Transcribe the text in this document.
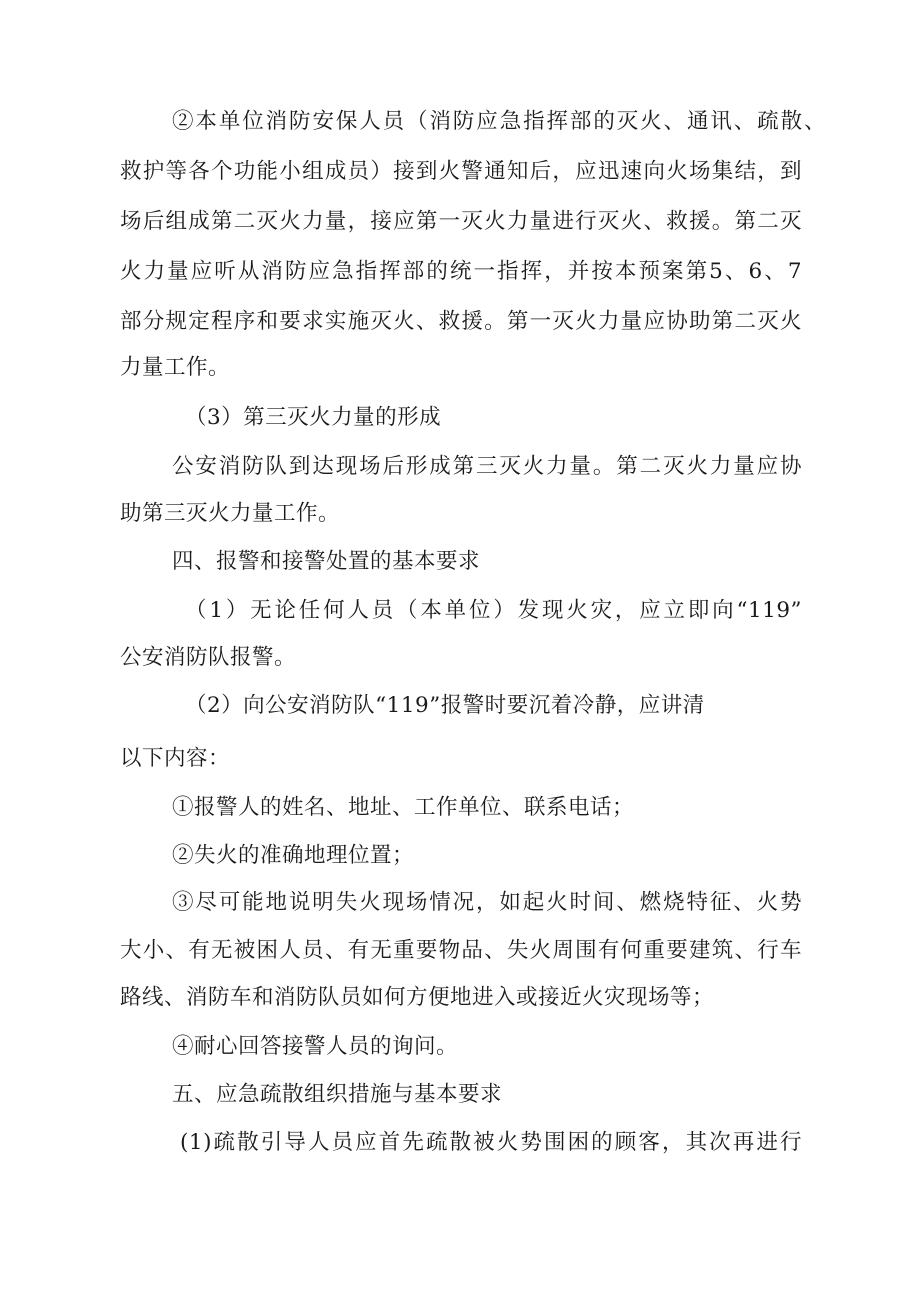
②本单位消防安保人员（消防应急指挥部的灭火、通讯、疏散、
救护等各个功能小组成员）接到火警通知后，应迅速向火场集结，到
场后组成第二灭火力量，接应第一灭火力量进行灭火、救援。第二灭
火力量应听从消防应急指挥部的统一指挥，并按本预案第5、6、7
部分规定程序和要求实施灭火、救援。第一灭火力量应协助第二灭火
力量工作。
（3）第三灭火力量的形成
公安消防队到达现场后形成第三灭火力量。第二灭火力量应协
助第三灭火力量工作。
四、报警和接警处置的基本要求
（1）无论任何人员（本单位）发现火灾，应立即向“119”
公安消防队报警。
（2）向公安消防队“119”报警时要沉着冷静，应讲清
以下内容：
①报警人的姓名、地址、工作单位、联系电话；
②失火的准确地理位置；
③尽可能地说明失火现场情况，如起火时间、燃烧特征、火势
大小、有无被困人员、有无重要物品、失火周围有何重要建筑、行车
路线、消防车和消防队员如何方便地进入或接近火灾现场等；
④耐心回答接警人员的询问。
五、应急疏散组织措施与基本要求
(1)疏散引导人员应首先疏散被火势围困的顾客，其次再进行
